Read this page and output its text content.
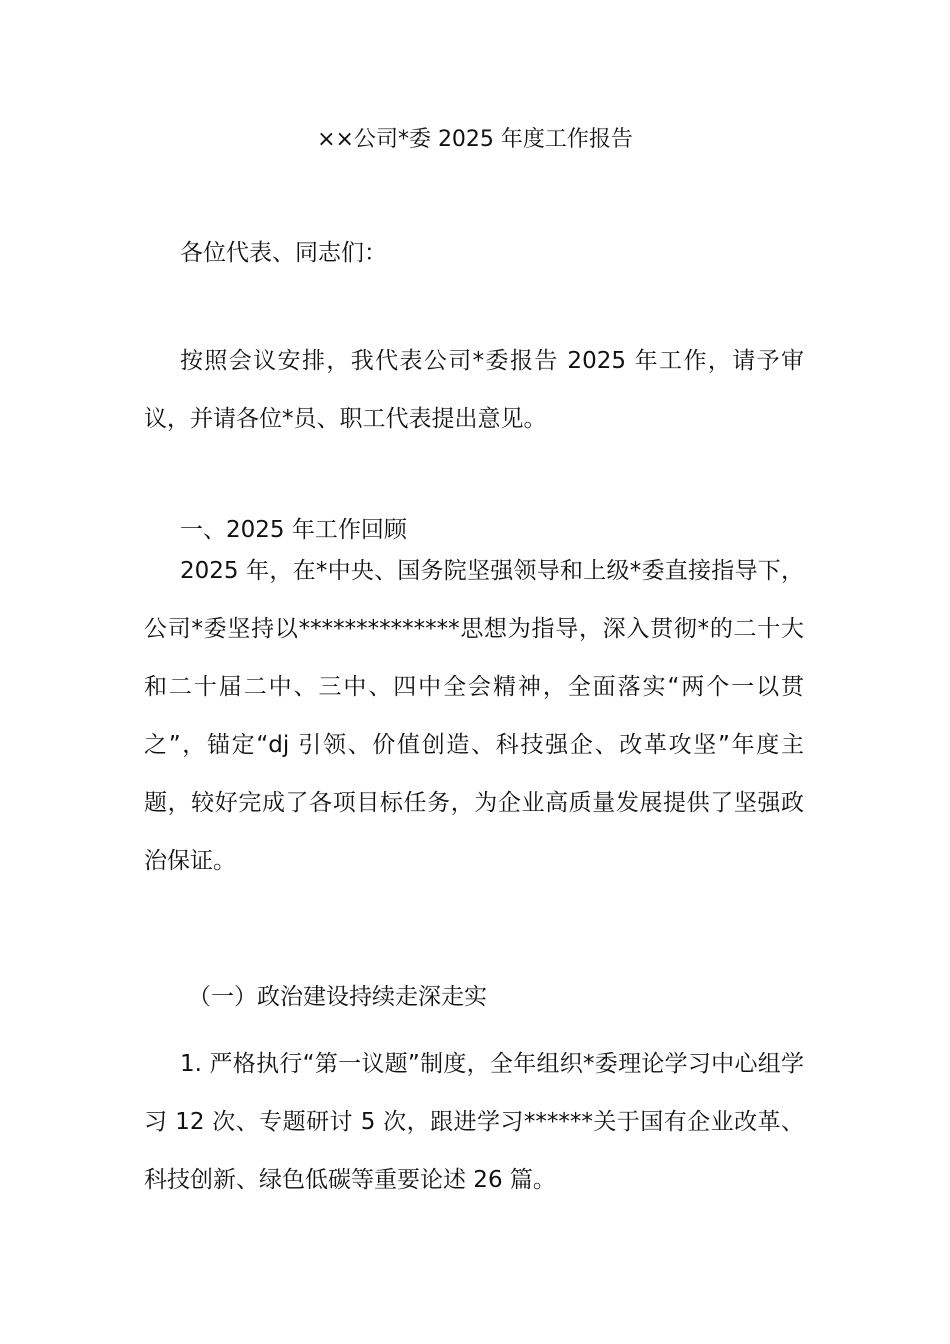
××公司*委 2025 年度工作报告

各位代表、同志们：

按照会议安排，我代表公司*委报告 2025 年工作，请予审议，并请各位*员、职工代表提出意见。

一、2025 年工作回顾

2025 年，在*中央、国务院坚强领导和上级*委直接指导下，公司*委坚持以**************思想为指导，深入贯彻*的二十大和二十届二中、三中、四中全会精神，全面落实“两个一以贯之”，锚定“dj 引领、价值创造、科技强企、改革攻坚”年度主题，较好完成了各项目标任务，为企业高质量发展提供了坚强政治保证。

（一）政治建设持续走深走实

1. 严格执行“第一议题”制度，全年组织*委理论学习中心组学习 12 次、专题研讨 5 次，跟进学习******关于国有企业改革、科技创新、绿色低碳等重要论述 26 篇。
